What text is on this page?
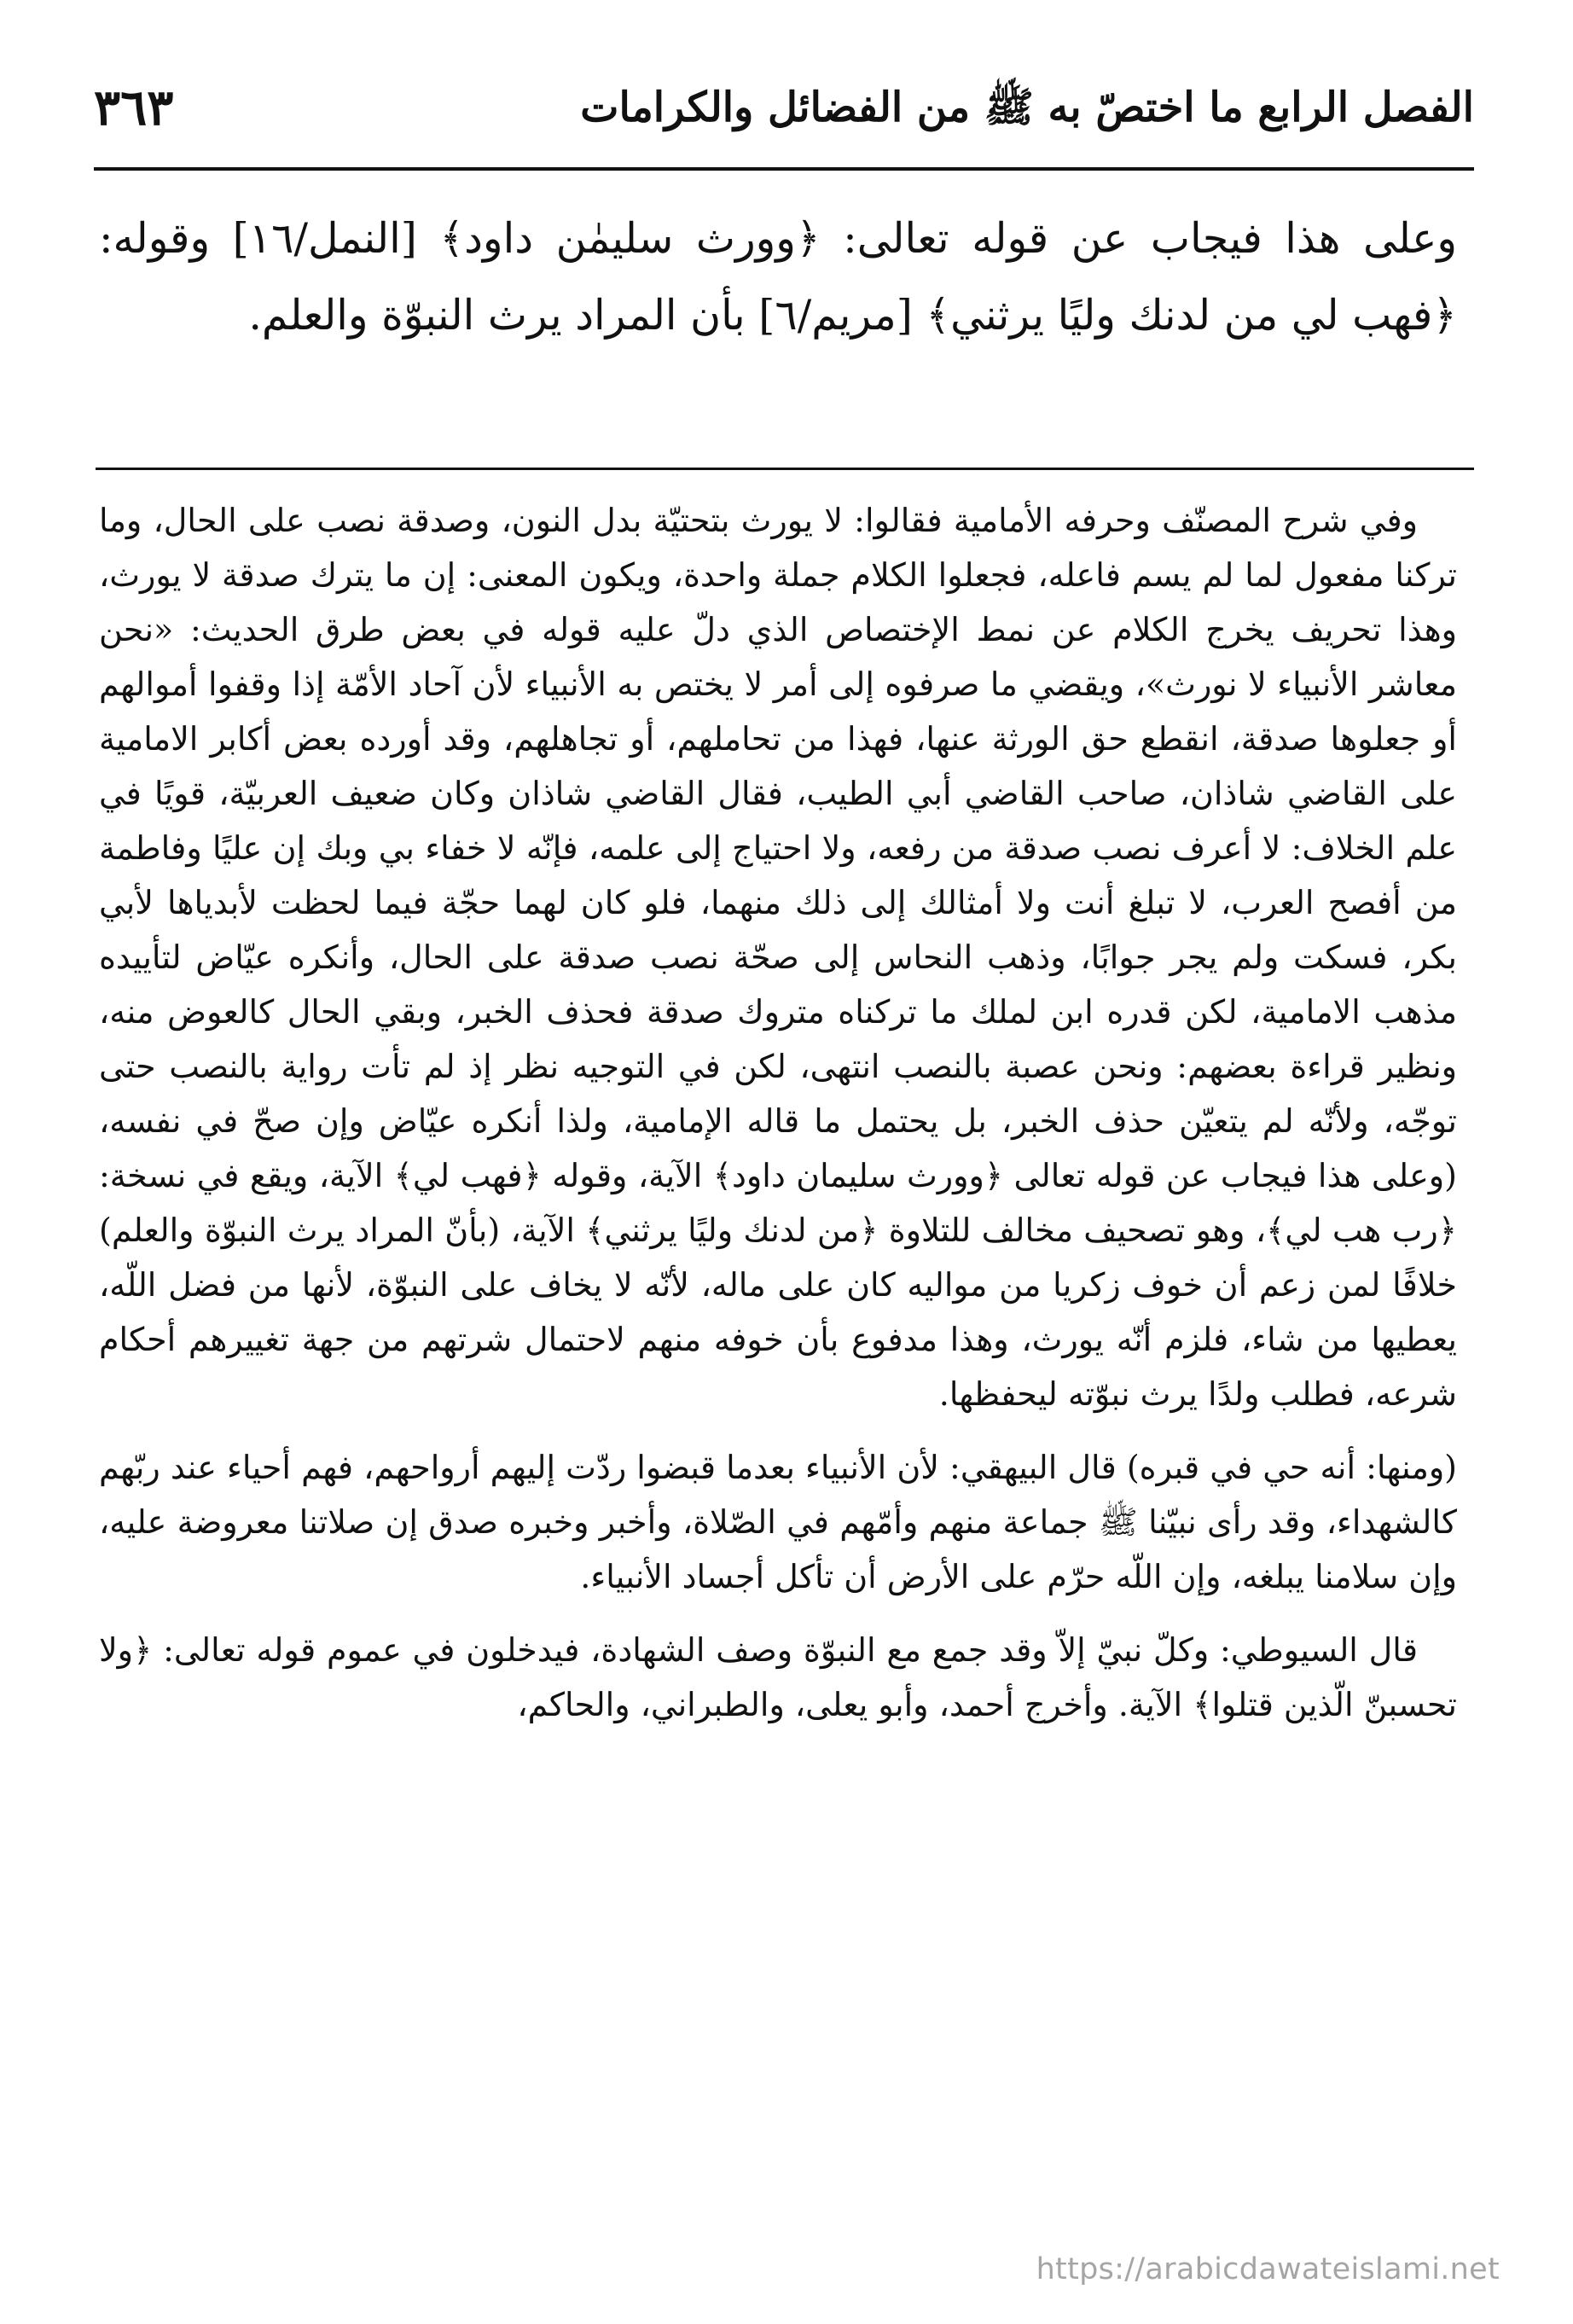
الفصل الرابع ما اختصّ به ﷺ من الفضائل والكرامات
٣٦٣

وعلى هذا فيجاب عن قوله تعالى: ﴿وورث سليمٰن داود﴾ [النمل/١٦] وقوله: ﴿فهب لي من لدنك وليًا يرثني﴾ [مريم/٦] بأن المراد يرث النبوّة والعلم.

وفي شرح المصنّف وحرفه الأمامية فقالوا: لا يورث بتحتيّة بدل النون، وصدقة نصب على الحال، وما تركنا مفعول لما لم يسم فاعله، فجعلوا الكلام جملة واحدة، ويكون المعنى: إن ما يترك صدقة لا يورث، وهذا تحريف يخرج الكلام عن نمط الإختصاص الذي دلّ عليه قوله في بعض طرق الحديث: «نحن معاشر الأنبياء لا نورث»، ويقضي ما صرفوه إلى أمر لا يختص به الأنبياء لأن آحاد الأمّة إذا وقفوا أموالهم أو جعلوها صدقة، انقطع حق الورثة عنها، فهذا من تحاملهم، أو تجاهلهم، وقد أورده بعض أكابر الامامية على القاضي شاذان، صاحب القاضي أبي الطيب، فقال القاضي شاذان وكان ضعيف العربيّة، قويًا في علم الخلاف: لا أعرف نصب صدقة من رفعه، ولا احتياج إلى علمه، فإنّه لا خفاء بي وبك إن عليًا وفاطمة من أفصح العرب، لا تبلغ أنت ولا أمثالك إلى ذلك منهما، فلو كان لهما حجّة فيما لحظت لأبدياها لأبي بكر، فسكت ولم يجر جوابًا، وذهب النحاس إلى صحّة نصب صدقة على الحال، وأنكره عيّاض لتأييده مذهب الامامية، لكن قدره ابن لملك ما تركناه متروك صدقة فحذف الخبر، وبقي الحال كالعوض منه، ونظير قراءة بعضهم: ونحن عصبة بالنصب انتهى، لكن في التوجيه نظر إذ لم تأت رواية بالنصب حتى توجّه، ولأنّه لم يتعيّن حذف الخبر، بل يحتمل ما قاله الإمامية، ولذا أنكره عيّاض وإن صحّ في نفسه، (وعلى هذا فيجاب عن قوله تعالى ﴿وورث سليمان داود﴾ الآية، وقوله ﴿فهب لي﴾ الآية، ويقع في نسخة: ﴿رب هب لي﴾، وهو تصحيف مخالف للتلاوة ﴿من لدنك وليًا يرثني﴾ الآية، (بأنّ المراد يرث النبوّة والعلم) خلافًا لمن زعم أن خوف زكريا من مواليه كان على ماله، لأنّه لا يخاف على النبوّة، لأنها من فضل اللّه، يعطيها من شاء، فلزم أنّه يورث، وهذا مدفوع بأن خوفه منهم لاحتمال شرتهم من جهة تغييرهم أحكام شرعه، فطلب ولدًا يرث نبوّته ليحفظها.

(ومنها: أنه حي في قبره) قال البيهقي: لأن الأنبياء بعدما قبضوا ردّت إليهم أرواحهم، فهم أحياء عند ربّهم كالشهداء، وقد رأى نبيّنا ﷺ جماعة منهم وأمّهم في الصّلاة، وأخبر وخبره صدق إن صلاتنا معروضة عليه، وإن سلامنا يبلغه، وإن اللّه حرّم على الأرض أن تأكل أجساد الأنبياء.

قال السيوطي: وكلّ نبيّ إلاّ وقد جمع مع النبوّة وصف الشهادة، فيدخلون في عموم قوله تعالى: ﴿ولا تحسبنّ الّذين قتلوا﴾ الآية. وأخرج أحمد، وأبو يعلى، والطبراني، والحاكم،

https://arabicdawateislami.net
